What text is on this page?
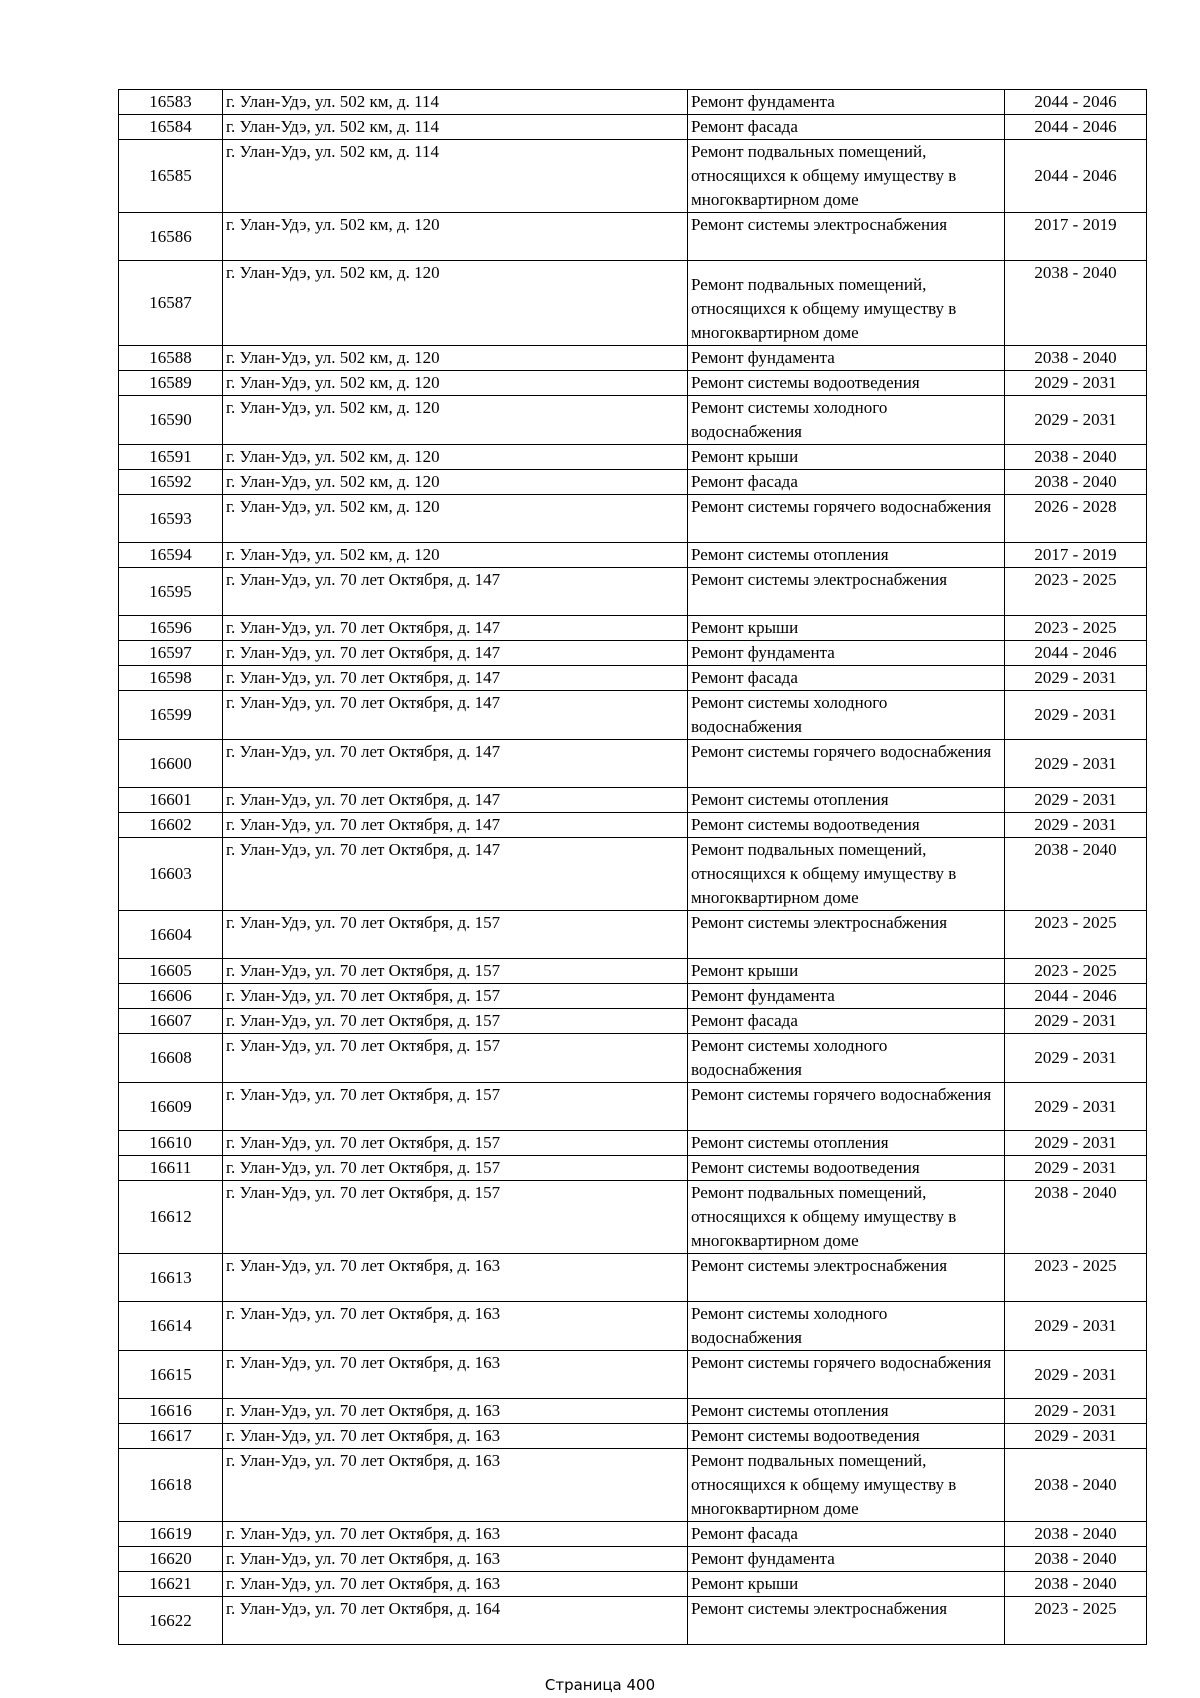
16583	г. Улан-Удэ, ул. 502 км, д. 114	Ремонт фундамента	2044 - 2046
16584	г. Улан-Удэ, ул. 502 км, д. 114	Ремонт фасада	2044 - 2046
16585	г. Улан-Удэ, ул. 502 км, д. 114	Ремонт подвальных помещений, относящихся к общему имуществу в многоквартирном доме	2044 - 2046
16586	г. Улан-Удэ, ул. 502 км, д. 120	Ремонт системы электроснабжения	2017 - 2019
16587	г. Улан-Удэ, ул. 502 км, д. 120	Ремонт подвальных помещений, относящихся к общему имуществу в многоквартирном доме	2038 - 2040
16588	г. Улан-Удэ, ул. 502 км, д. 120	Ремонт фундамента	2038 - 2040
16589	г. Улан-Удэ, ул. 502 км, д. 120	Ремонт системы водоотведения	2029 - 2031
16590	г. Улан-Удэ, ул. 502 км, д. 120	Ремонт системы холодного водоснабжения	2029 - 2031
16591	г. Улан-Удэ, ул. 502 км, д. 120	Ремонт крыши	2038 - 2040
16592	г. Улан-Удэ, ул. 502 км, д. 120	Ремонт фасада	2038 - 2040
16593	г. Улан-Удэ, ул. 502 км, д. 120	Ремонт системы горячего водоснабжения	2026 - 2028
16594	г. Улан-Удэ, ул. 502 км, д. 120	Ремонт системы отопления	2017 - 2019
16595	г. Улан-Удэ, ул. 70 лет Октября, д. 147	Ремонт системы электроснабжения	2023 - 2025
16596	г. Улан-Удэ, ул. 70 лет Октября, д. 147	Ремонт крыши	2023 - 2025
16597	г. Улан-Удэ, ул. 70 лет Октября, д. 147	Ремонт фундамента	2044 - 2046
16598	г. Улан-Удэ, ул. 70 лет Октября, д. 147	Ремонт фасада	2029 - 2031
16599	г. Улан-Удэ, ул. 70 лет Октября, д. 147	Ремонт системы холодного водоснабжения	2029 - 2031
16600	г. Улан-Удэ, ул. 70 лет Октября, д. 147	Ремонт системы горячего водоснабжения	2029 - 2031
16601	г. Улан-Удэ, ул. 70 лет Октября, д. 147	Ремонт системы отопления	2029 - 2031
16602	г. Улан-Удэ, ул. 70 лет Октября, д. 147	Ремонт системы водоотведения	2029 - 2031
16603	г. Улан-Удэ, ул. 70 лет Октября, д. 147	Ремонт подвальных помещений, относящихся к общему имуществу в многоквартирном доме	2038 - 2040
16604	г. Улан-Удэ, ул. 70 лет Октября, д. 157	Ремонт системы электроснабжения	2023 - 2025
16605	г. Улан-Удэ, ул. 70 лет Октября, д. 157	Ремонт крыши	2023 - 2025
16606	г. Улан-Удэ, ул. 70 лет Октября, д. 157	Ремонт фундамента	2044 - 2046
16607	г. Улан-Удэ, ул. 70 лет Октября, д. 157	Ремонт фасада	2029 - 2031
16608	г. Улан-Удэ, ул. 70 лет Октября, д. 157	Ремонт системы холодного водоснабжения	2029 - 2031
16609	г. Улан-Удэ, ул. 70 лет Октября, д. 157	Ремонт системы горячего водоснабжения	2029 - 2031
16610	г. Улан-Удэ, ул. 70 лет Октября, д. 157	Ремонт системы отопления	2029 - 2031
16611	г. Улан-Удэ, ул. 70 лет Октября, д. 157	Ремонт системы водоотведения	2029 - 2031
16612	г. Улан-Удэ, ул. 70 лет Октября, д. 157	Ремонт подвальных помещений, относящихся к общему имуществу в многоквартирном доме	2038 - 2040
16613	г. Улан-Удэ, ул. 70 лет Октября, д. 163	Ремонт системы электроснабжения	2023 - 2025
16614	г. Улан-Удэ, ул. 70 лет Октября, д. 163	Ремонт системы холодного водоснабжения	2029 - 2031
16615	г. Улан-Удэ, ул. 70 лет Октября, д. 163	Ремонт системы горячего водоснабжения	2029 - 2031
16616	г. Улан-Удэ, ул. 70 лет Октября, д. 163	Ремонт системы отопления	2029 - 2031
16617	г. Улан-Удэ, ул. 70 лет Октября, д. 163	Ремонт системы водоотведения	2029 - 2031
16618	г. Улан-Удэ, ул. 70 лет Октября, д. 163	Ремонт подвальных помещений, относящихся к общему имуществу в многоквартирном доме	2038 - 2040
16619	г. Улан-Удэ, ул. 70 лет Октября, д. 163	Ремонт фасада	2038 - 2040
16620	г. Улан-Удэ, ул. 70 лет Октября, д. 163	Ремонт фундамента	2038 - 2040
16621	г. Улан-Удэ, ул. 70 лет Октября, д. 163	Ремонт крыши	2038 - 2040
16622	г. Улан-Удэ, ул. 70 лет Октября, д. 164	Ремонт системы электроснабжения	2023 - 2025
Страница 400
